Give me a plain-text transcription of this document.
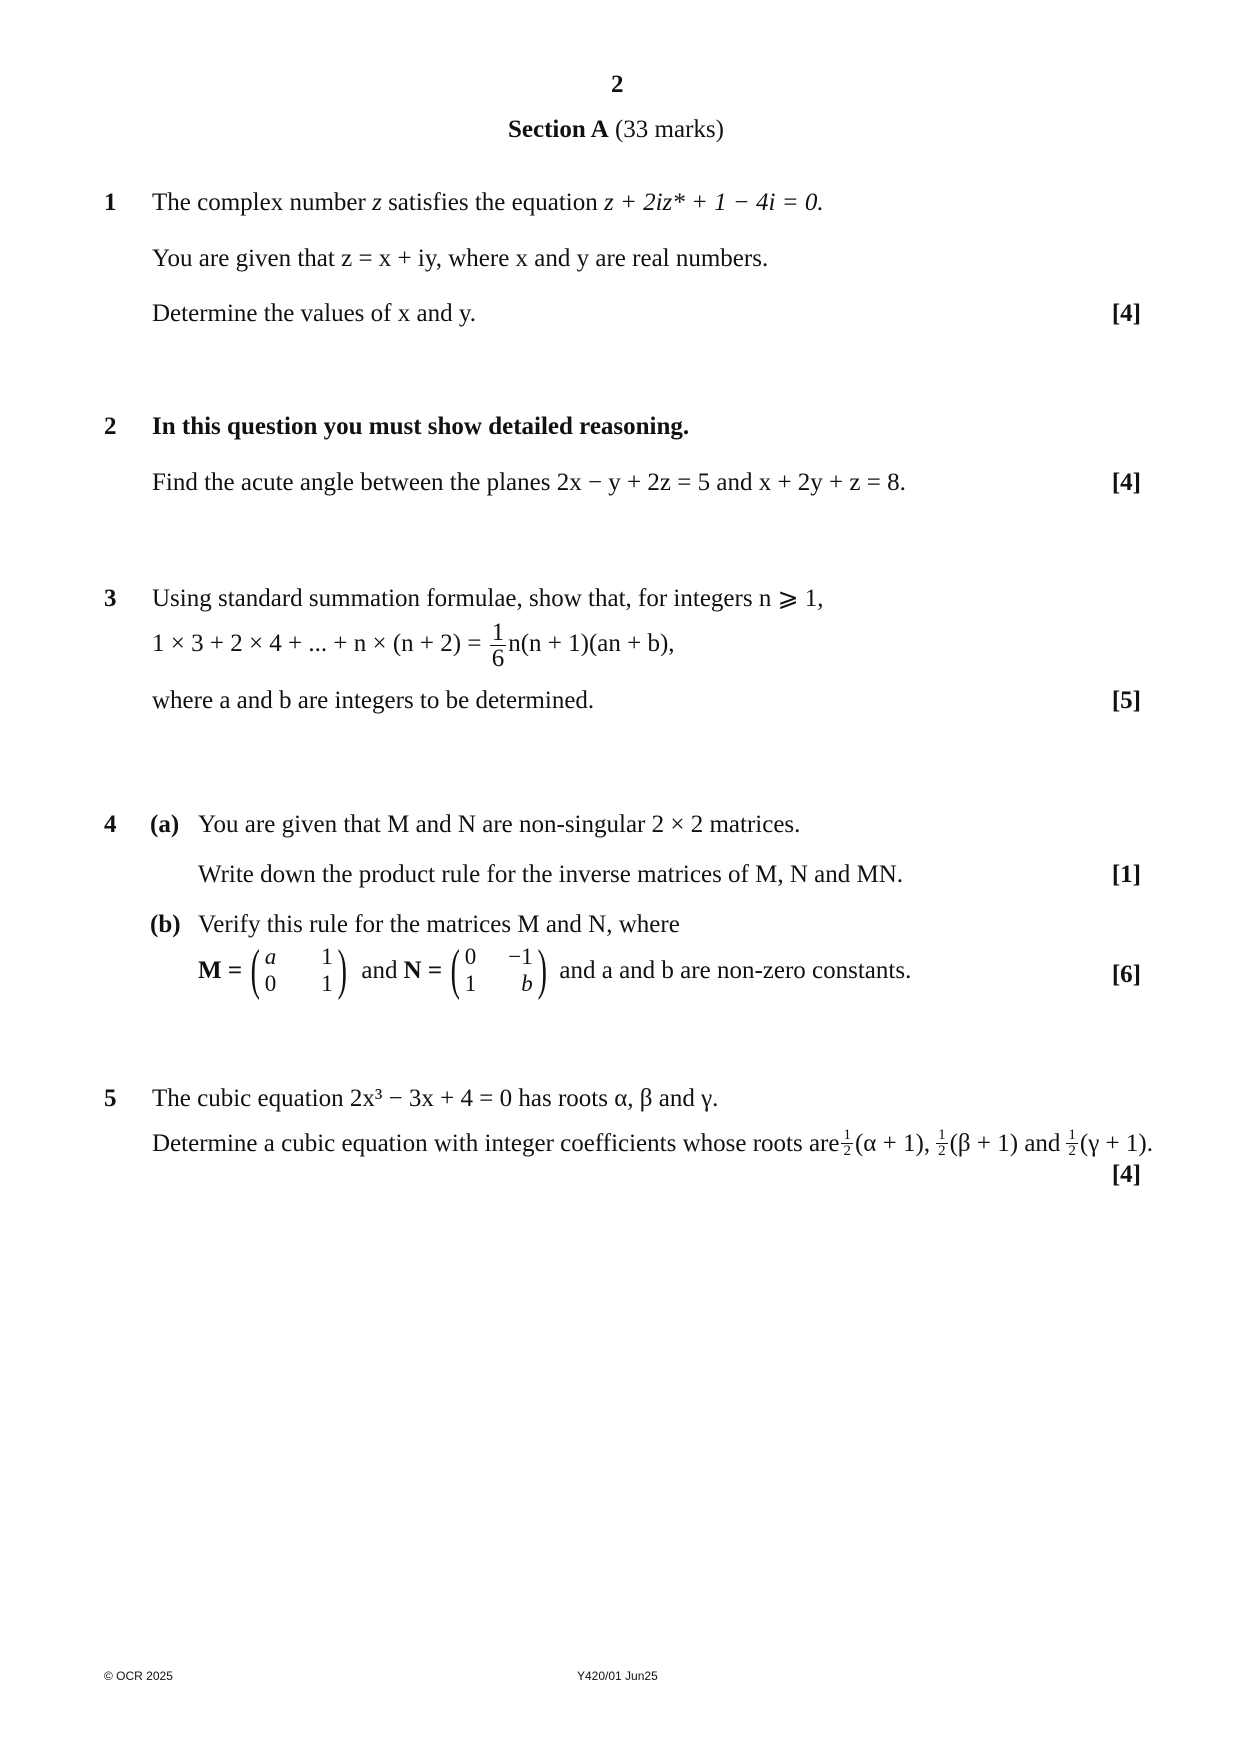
2
Section A (33 marks)
1 The complex number z satisfies the equation z + 2iz* + 1 − 4i = 0.
You are given that z = x + iy, where x and y are real numbers.
Determine the values of x and y.	[4]
2 In this question you must show detailed reasoning.
Find the acute angle between the planes 2x − y + 2z = 5 and x + 2y + z = 8.	[4]
3 Using standard summation formulae, show that, for integers n ⩾ 1,
1 × 3 + 2 × 4 + ... + $n \times (n + 2) = \frac{1}{6} n(n + 1)(an + b)$,
where a and b are integers to be determined.	[5]
4 (a) You are given that M and N are non-singular 2 × 2 matrices.
Write down the product rule for the inverse matrices of M, N and MN.	[1]
(b) Verify this rule for the matrices M and N, where
M = ( a	1
0	1 ) and N = ( 0	−1
1	b ) and a and b are non-zero constants.	[6]
5 The cubic equation 2x³ − 3x + 4 = 0 has roots α, β and γ.
Determine a cubic equation with integer coefficients whose roots are $\frac{1}{2} (\alpha + 1)$, $\frac{1}{2} (\beta + 1)$ and $\frac{1}{2} (\gamma + 1)$.
[4]
© OCR 2025	Y420/01 Jun25
